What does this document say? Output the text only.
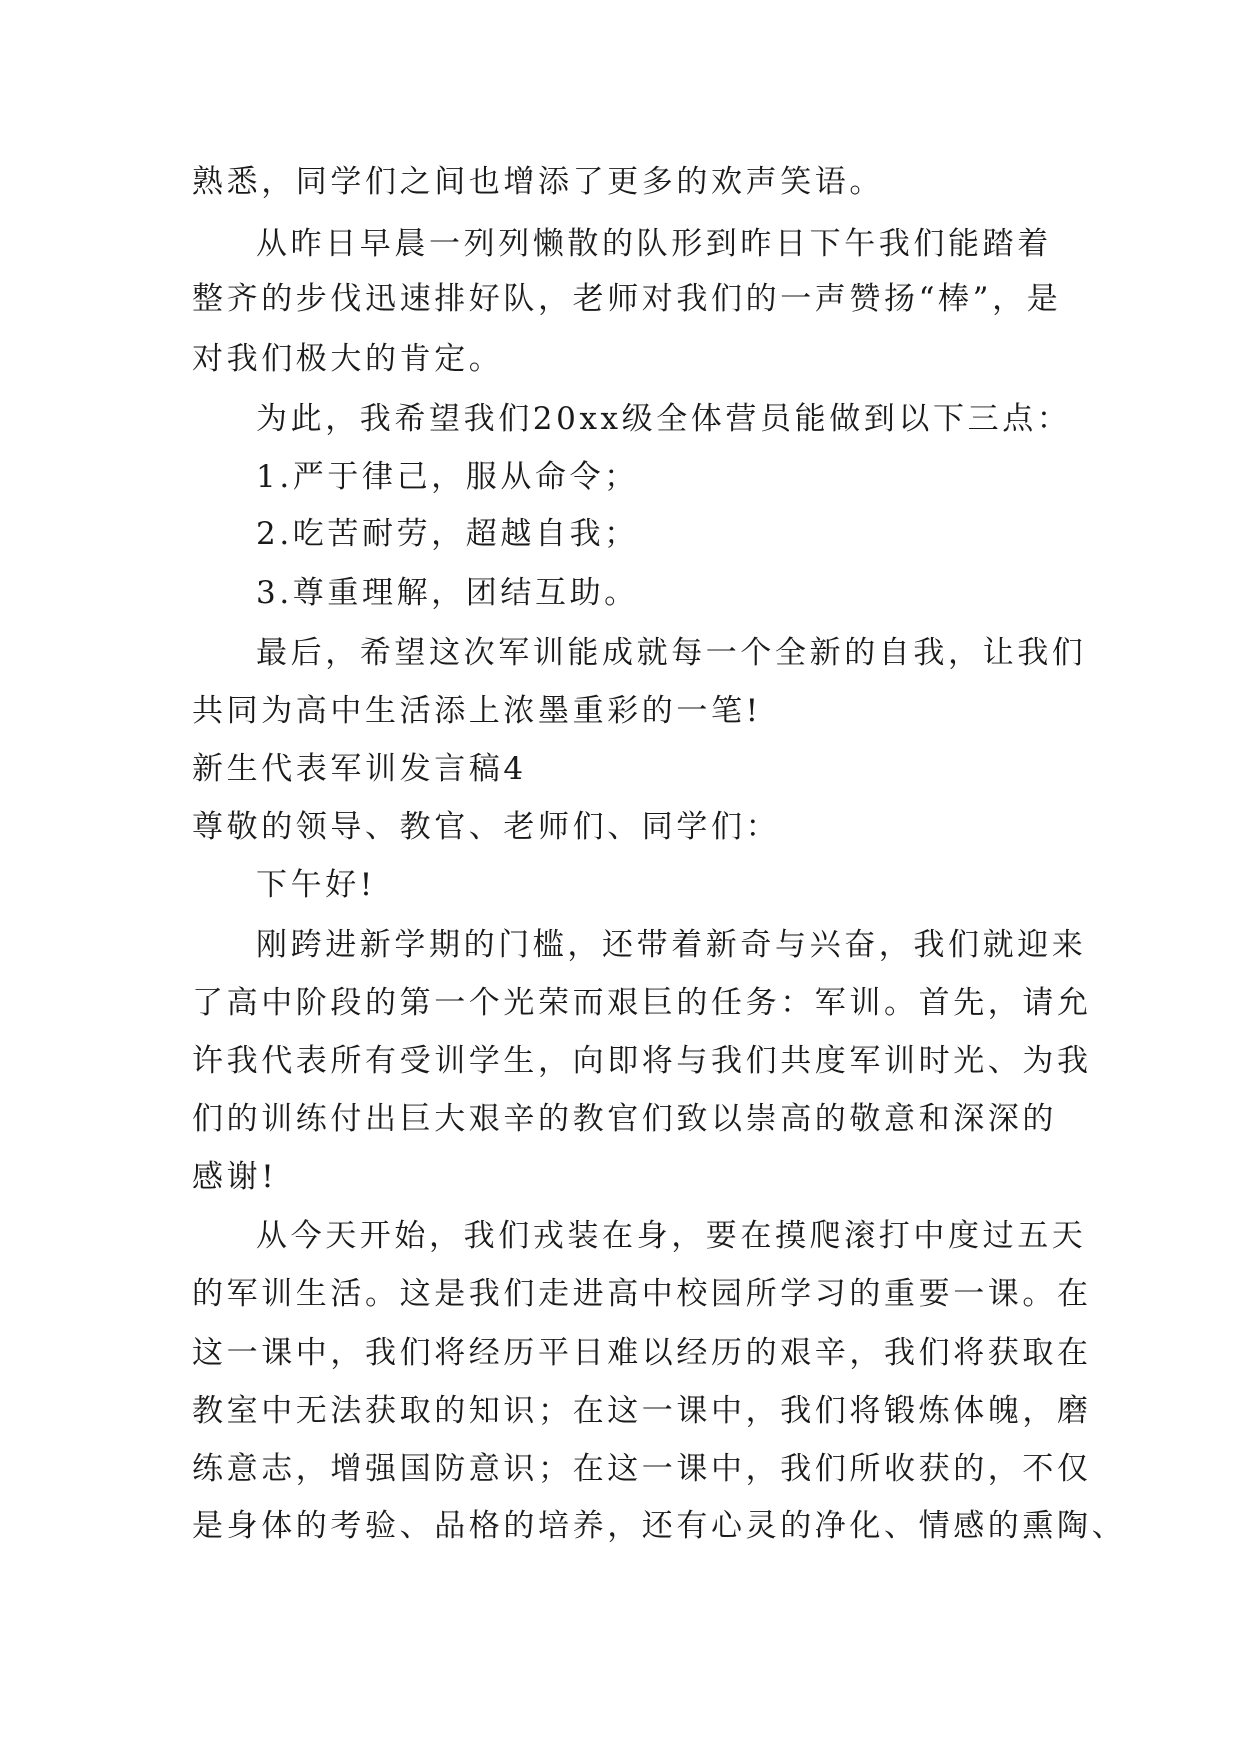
熟悉，同学们之间也增添了更多的欢声笑语。
从昨日早晨一列列懒散的队形到昨日下午我们能踏着
整齐的步伐迅速排好队，老师对我们的一声赞扬“棒”，是
对我们极大的肯定。
为此，我希望我们20xx级全体营员能做到以下三点：
1.严于律己，服从命令；
2.吃苦耐劳，超越自我；
3.尊重理解，团结互助。
最后，希望这次军训能成就每一个全新的自我，让我们
共同为高中生活添上浓墨重彩的一笔!
新生代表军训发言稿4
尊敬的领导、教官、老师们、同学们：
下午好!
刚跨进新学期的门槛，还带着新奇与兴奋，我们就迎来
了高中阶段的第一个光荣而艰巨的任务：军训。首先，请允
许我代表所有受训学生，向即将与我们共度军训时光、为我
们的训练付出巨大艰辛的教官们致以崇高的敬意和深深的
感谢!
从今天开始，我们戎装在身，要在摸爬滚打中度过五天
的军训生活。这是我们走进高中校园所学习的重要一课。在
这一课中，我们将经历平日难以经历的艰辛，我们将获取在
教室中无法获取的知识；在这一课中，我们将锻炼体魄，磨
练意志，增强国防意识；在这一课中，我们所收获的，不仅
是身体的考验、品格的培养，还有心灵的净化、情感的熏陶、
